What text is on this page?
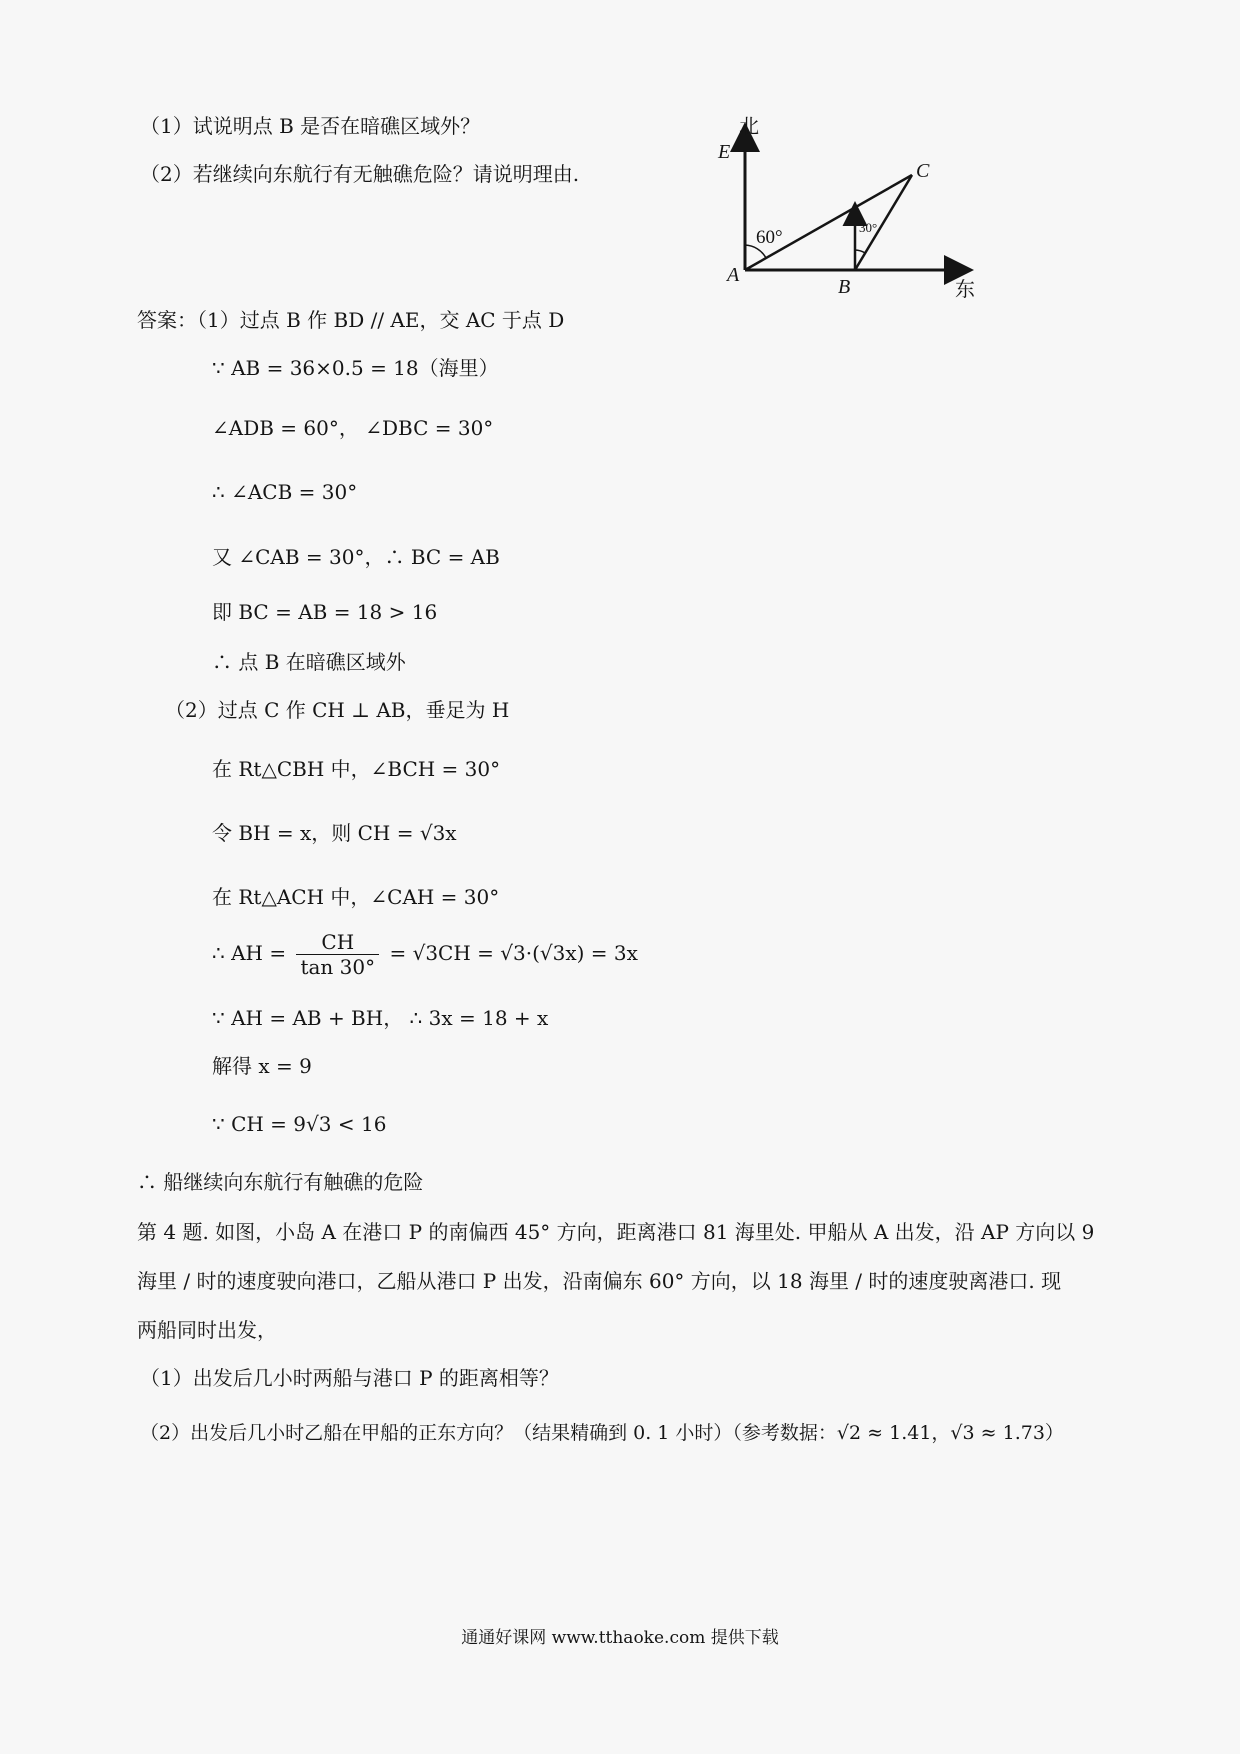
（1）试说明点 B 是否在暗礁区域外？
（2）若继续向东航行有无触礁危险？请说明理由.
北
E
C
60°	30°
A
B	东
答案：（1）过点 B 作 BD // AE，交 AC 于点 D
∵ AB = 36×0.5 = 18（海里）
∠ADB = 60°， ∠DBC = 30°
∴ ∠ACB = 30°
又 ∠CAB = 30°，∴ BC = AB
即 BC = AB = 18 > 16
∴ 点 B 在暗礁区域外
（2）过点 C 作 CH ⊥ AB，垂足为 H
在 Rt△CBH 中，∠BCH = 30°
令 BH = x，则 CH = √3x
在 Rt△ACH 中，∠CAH = 30°
∴ AH = $\frac{CH}{\tan 30^\circ} = √3CH = √3\cdot(√3x) = 3x$
∵ AH = AB + BH， ∴ 3x = 18 + x
解得 x = 9
∵ CH = 9√3 < 16
∴ 船继续向东航行有触礁的危险
第 4 题. 如图，小岛 A 在港口 P 的南偏西 45° 方向，距离港口 81 海里处. 甲船从 A 出发，沿 AP 方向以 9
海里 / 时的速度驶向港口，乙船从港口 P 出发，沿南偏东 60° 方向，以 18 海里 / 时的速度驶离港口. 现
两船同时出发，
（1）出发后几小时两船与港口 P 的距离相等？
（2）出发后几小时乙船在甲船的正东方向？（结果精确到 0. 1 小时）（参考数据：√2 ≈ 1.41，√3 ≈ 1.73）
通通好课网 www.tthaoke.com 提供下载
